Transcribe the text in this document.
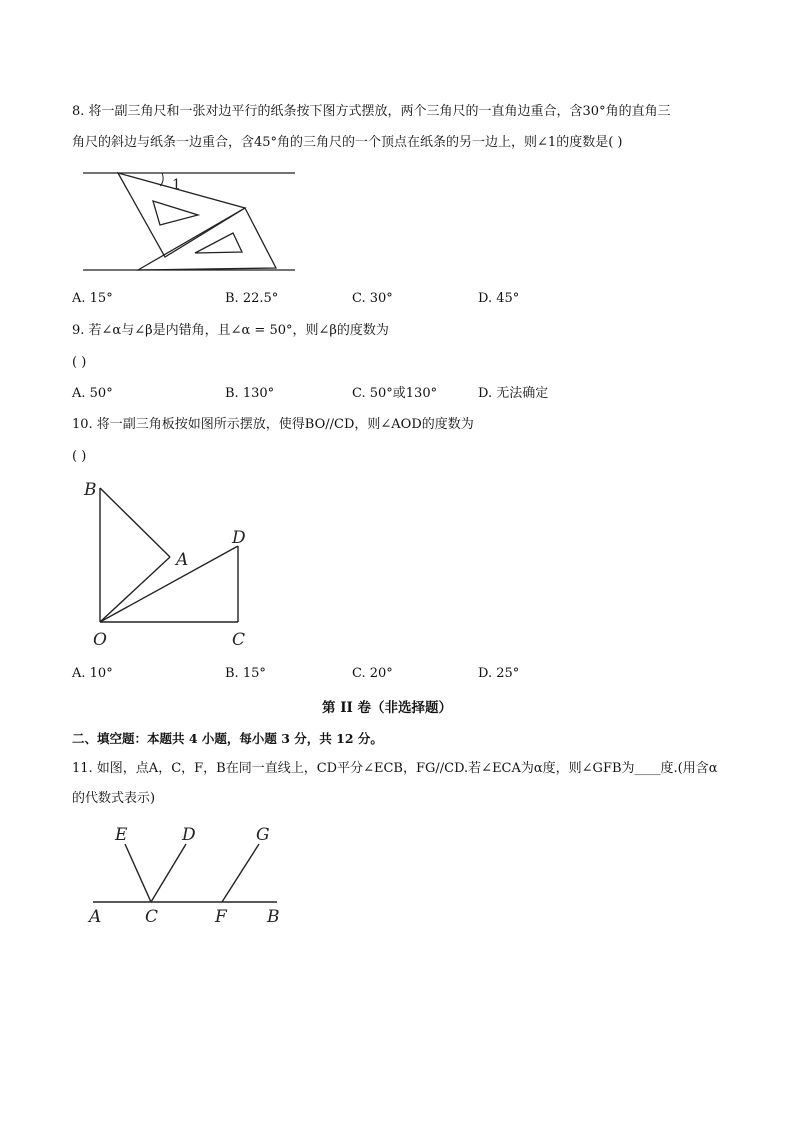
8. 将一副三角尺和一张对边平行的纸条按下图方式摆放，两个三角尺的一直角边重合，含30°角的直角三
角尺的斜边与纸条一边重合，含45°角的三角尺的一个顶点在纸条的另一边上，则∠1的度数是( )
1
A. 15°	B. 22.5°	C. 30°	D. 45°
9. 若∠α与∠β是内错角，且∠α = 50°，则∠β的度数为
( )
A. 50°	B. 130°	C. 50°或130°	D. 无法确定
10. 将一副三角板按如图所示摆放，使得BO//CD，则∠AOD的度数为
( )
B
A
D
O	C
A. 10°	B. 15°	C. 20°	D. 25°
第 II 卷（非选择题）
二、填空题：本题共 4 小题，每小题 3 分，共 12 分。
11. 如图，点A，C，F，B在同一直线上，CD平分∠ECB，FG//CD.若∠ECA为α度，则∠GFB为____度.(用含α
的代数式表示)
E	D	G
A	C	F B
